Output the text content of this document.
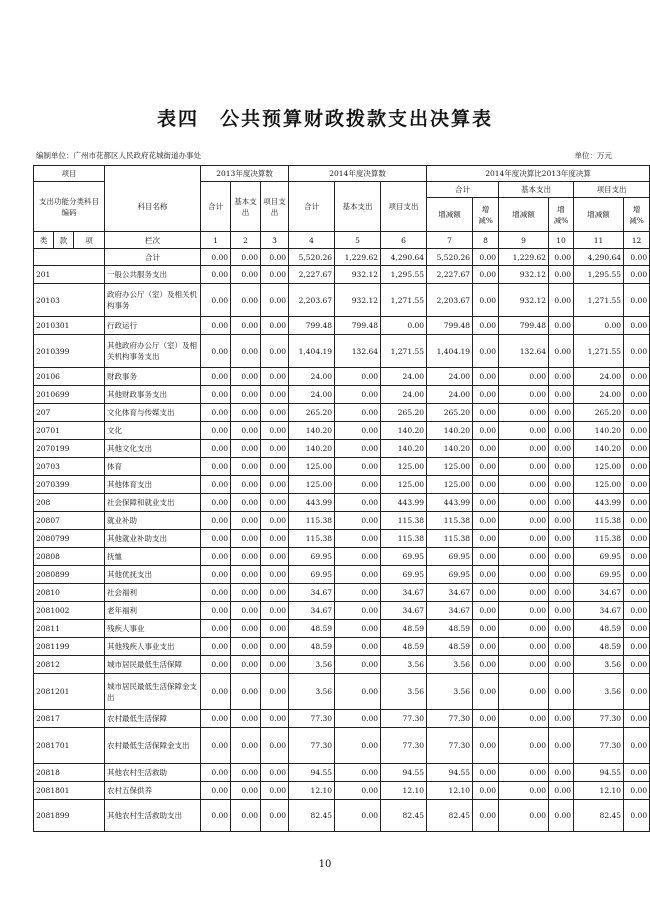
表四　公共预算财政拨款支出决算表
编制单位：广州市花都区人民政府花城街道办事处	单位：万元
项目				2013年度决算数			2014年度决算数			2014年度决算比2013年度决算					
支出功能分类科目编码			科目名称	合计	基本支出	项目支出	合计	基本支出	项目支出	合计		基本支出		项目支出	
										增减额	增减%	增减额	增减%	增减额	增减%
类	款	项	栏次	1	2	3	4	5	6	7	8	9	10	11	12
			合计	0.00	0.00	0.00	5,520.26	1,229.62	4,290.64	5,520.26	0.00	1,229.62	0.00	4,290.64	0.00
201			一般公共服务支出	0.00	0.00	0.00	2,227.67	932.12	1,295.55	2,227.67	0.00	932.12	0.00	1,295.55	0.00
20103			政府办公厅（室）及相关机构事务	0.00	0.00	0.00	2,203.67	932.12	1,271.55	2,203.67	0.00	932.12	0.00	1,271.55	0.00
2010301			行政运行	0.00	0.00	0.00	799.48	799.48	0.00	799.48	0.00	799.48	0.00	0.00	0.00
2010399			其他政府办公厅（室）及相关机构事务支出	0.00	0.00	0.00	1,404.19	132.64	1,271.55	1,404.19	0.00	132.64	0.00	1,271.55	0.00
20106			财政事务	0.00	0.00	0.00	24.00	0.00	24.00	24.00	0.00	0.00	0.00	24.00	0.00
2010699			其他财政事务支出	0.00	0.00	0.00	24.00	0.00	24.00	24.00	0.00	0.00	0.00	24.00	0.00
207			文化体育与传媒支出	0.00	0.00	0.00	265.20	0.00	265.20	265.20	0.00	0.00	0.00	265.20	0.00
20701			文化	0.00	0.00	0.00	140.20	0.00	140.20	140.20	0.00	0.00	0.00	140.20	0.00
2070199			其他文化支出	0.00	0.00	0.00	140.20	0.00	140.20	140.20	0.00	0.00	0.00	140.20	0.00
20703			体育	0.00	0.00	0.00	125.00	0.00	125.00	125.00	0.00	0.00	0.00	125.00	0.00
2070399			其他体育支出	0.00	0.00	0.00	125.00	0.00	125.00	125.00	0.00	0.00	0.00	125.00	0.00
208			社会保障和就业支出	0.00	0.00	0.00	443.99	0.00	443.99	443.99	0.00	0.00	0.00	443.99	0.00
20807			就业补助	0.00	0.00	0.00	115.38	0.00	115.38	115.38	0.00	0.00	0.00	115.38	0.00
2080799			其他就业补助支出	0.00	0.00	0.00	115.38	0.00	115.38	115.38	0.00	0.00	0.00	115.38	0.00
20808			抚恤	0.00	0.00	0.00	69.95	0.00	69.95	69.95	0.00	0.00	0.00	69.95	0.00
2080899			其他优抚支出	0.00	0.00	0.00	69.95	0.00	69.95	69.95	0.00	0.00	0.00	69.95	0.00
20810			社会福利	0.00	0.00	0.00	34.67	0.00	34.67	34.67	0.00	0.00	0.00	34.67	0.00
2081002			老年福利	0.00	0.00	0.00	34.67	0.00	34.67	34.67	0.00	0.00	0.00	34.67	0.00
20811			残疾人事业	0.00	0.00	0.00	48.59	0.00	48.59	48.59	0.00	0.00	0.00	48.59	0.00
2081199			其他残疾人事业支出	0.00	0.00	0.00	48.59	0.00	48.59	48.59	0.00	0.00	0.00	48.59	0.00
20812			城市居民最低生活保障	0.00	0.00	0.00	3.56	0.00	3.56	3.56	0.00	0.00	0.00	3.56	0.00
2081201			城市居民最低生活保障金支出	0.00	0.00	0.00	3.56	0.00	3.56	3.56	0.00	0.00	0.00	3.56	0.00
20817			农村最低生活保障	0.00	0.00	0.00	77.30	0.00	77.30	77.30	0.00	0.00	0.00	77.30	0.00
2081701			农村最低生活保障金支出	0.00	0.00	0.00	77.30	0.00	77.30	77.30	0.00	0.00	0.00	77.30	0.00
20818			其他农村生活救助	0.00	0.00	0.00	94.55	0.00	94.55	94.55	0.00	0.00	0.00	94.55	0.00
2081801			农村五保供养	0.00	0.00	0.00	12.10	0.00	12.10	12.10	0.00	0.00	0.00	12.10	0.00
2081899			其他农村生活救助支出	0.00	0.00	0.00	82.45	0.00	82.45	82.45	0.00	0.00	0.00	82.45	0.00
10
